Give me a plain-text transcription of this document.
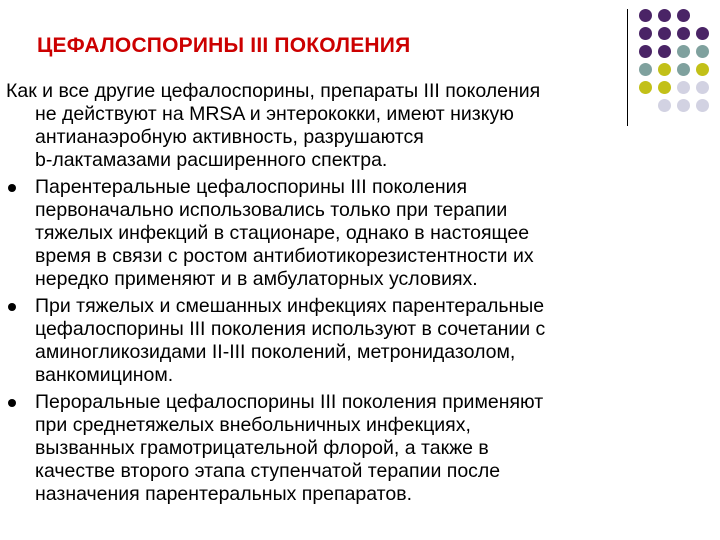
ЦЕФАЛОСПОРИНЫ III ПОКОЛЕНИЯ

Как и все другие цефалоспорины, препараты III поколения
не действуют на MRSA и энтерококки, имеют низкую
антианаэробную активность, разрушаются
b-лактамазами расширенного спектра.

Парентеральные цефалоспорины III поколения
первоначально использовались только при терапии
тяжелых инфекций в стационаре, однако в настоящее
время в связи с ростом антибиотикорезистентности их
нередко применяют и в амбулаторных условиях.

При тяжелых и смешанных инфекциях парентеральные
цефалоспорины III поколения используют в сочетании с
аминогликозидами II-III поколений, метронидазолом,
ванкомицином.

Пероральные цефалоспорины III поколения применяют
при среднетяжелых внебольничных инфекциях,
вызванных грамотрицательной флорой, а также в
качестве второго этапа ступенчатой терапии после
назначения парентеральных препаратов.
